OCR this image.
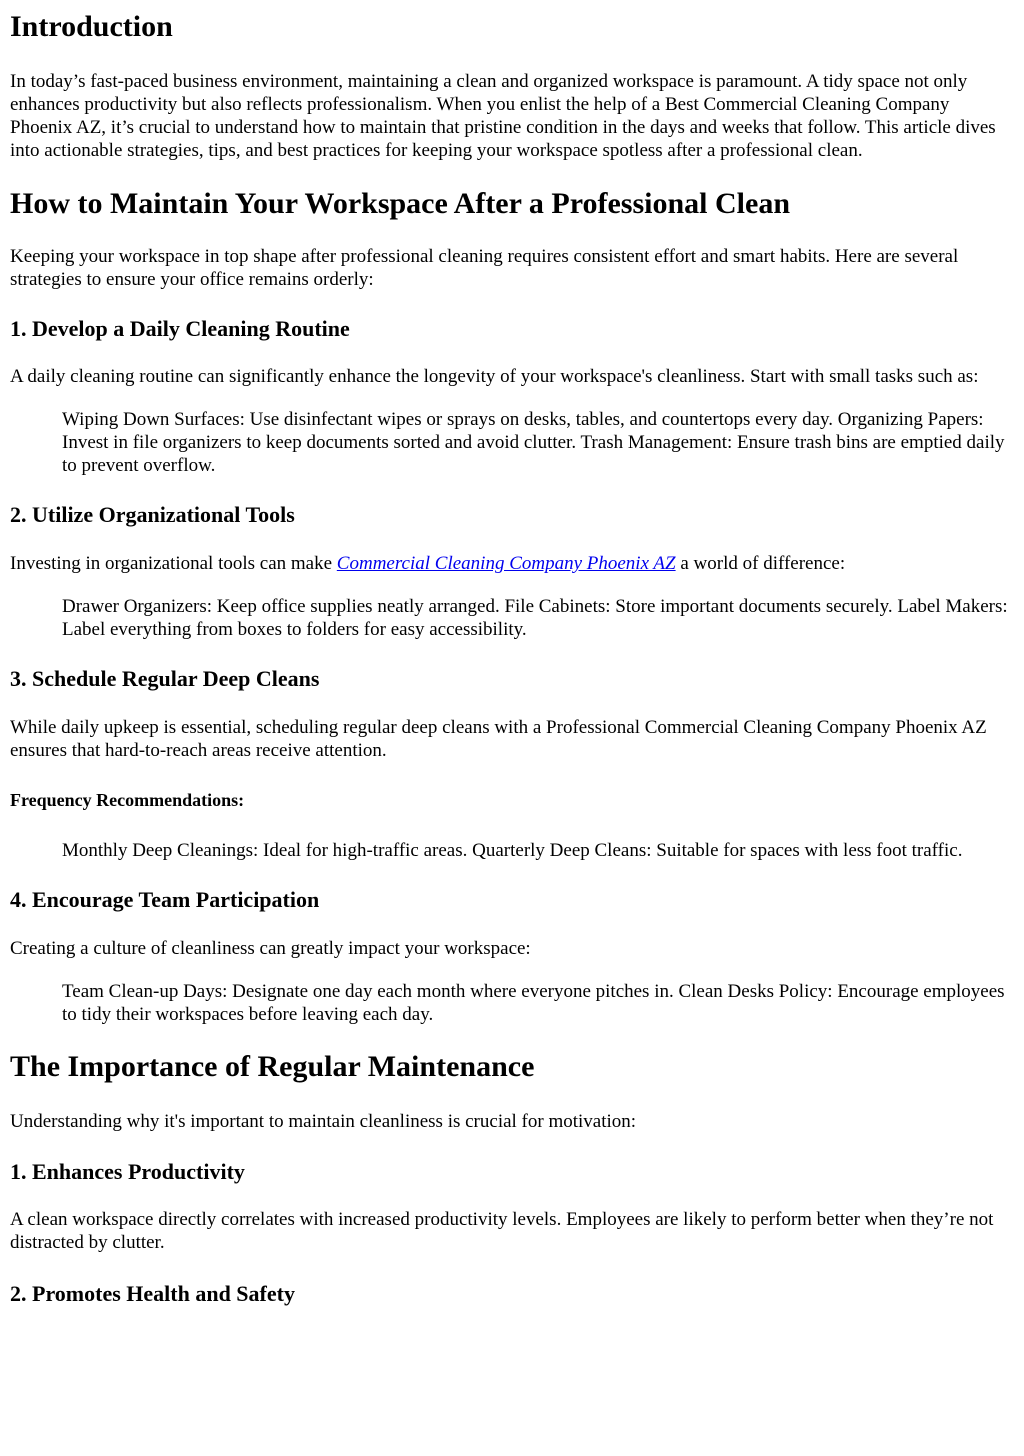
Introduction

In today’s fast-paced business environment, maintaining a clean and organized workspace is paramount. A tidy space not only enhances productivity but also reflects professionalism. When you enlist the help of a Best Commercial Cleaning Company Phoenix AZ, it’s crucial to understand how to maintain that pristine condition in the days and weeks that follow. This article dives into actionable strategies, tips, and best practices for keeping your workspace spotless after a professional clean.

How to Maintain Your Workspace After a Professional Clean

Keeping your workspace in top shape after professional cleaning requires consistent effort and smart habits. Here are several strategies to ensure your office remains orderly:

1. Develop a Daily Cleaning Routine

A daily cleaning routine can significantly enhance the longevity of your workspace's cleanliness. Start with small tasks such as:

Wiping Down Surfaces: Use disinfectant wipes or sprays on desks, tables, and countertops every day. Organizing Papers: Invest in file organizers to keep documents sorted and avoid clutter. Trash Management: Ensure trash bins are emptied daily to prevent overflow.
2. Utilize Organizational Tools

Investing in organizational tools can make Commercial Cleaning Company Phoenix AZ a world of difference:

Drawer Organizers: Keep office supplies neatly arranged. File Cabinets: Store important documents securely. Label Makers: Label everything from boxes to folders for easy accessibility.
3. Schedule Regular Deep Cleans

While daily upkeep is essential, scheduling regular deep cleans with a Professional Commercial Cleaning Company Phoenix AZ ensures that hard-to-reach areas receive attention.

Frequency Recommendations:
Monthly Deep Cleanings: Ideal for high-traffic areas. Quarterly Deep Cleans: Suitable for spaces with less foot traffic.
4. Encourage Team Participation

Creating a culture of cleanliness can greatly impact your workspace:

Team Clean-up Days: Designate one day each month where everyone pitches in. Clean Desks Policy: Encourage employees to tidy their workspaces before leaving each day.
The Importance of Regular Maintenance

Understanding why it's important to maintain cleanliness is crucial for motivation:

1. Enhances Productivity

A clean workspace directly correlates with increased productivity levels. Employees are likely to perform better when they’re not distracted by clutter.

2. Promotes Health and Safety
